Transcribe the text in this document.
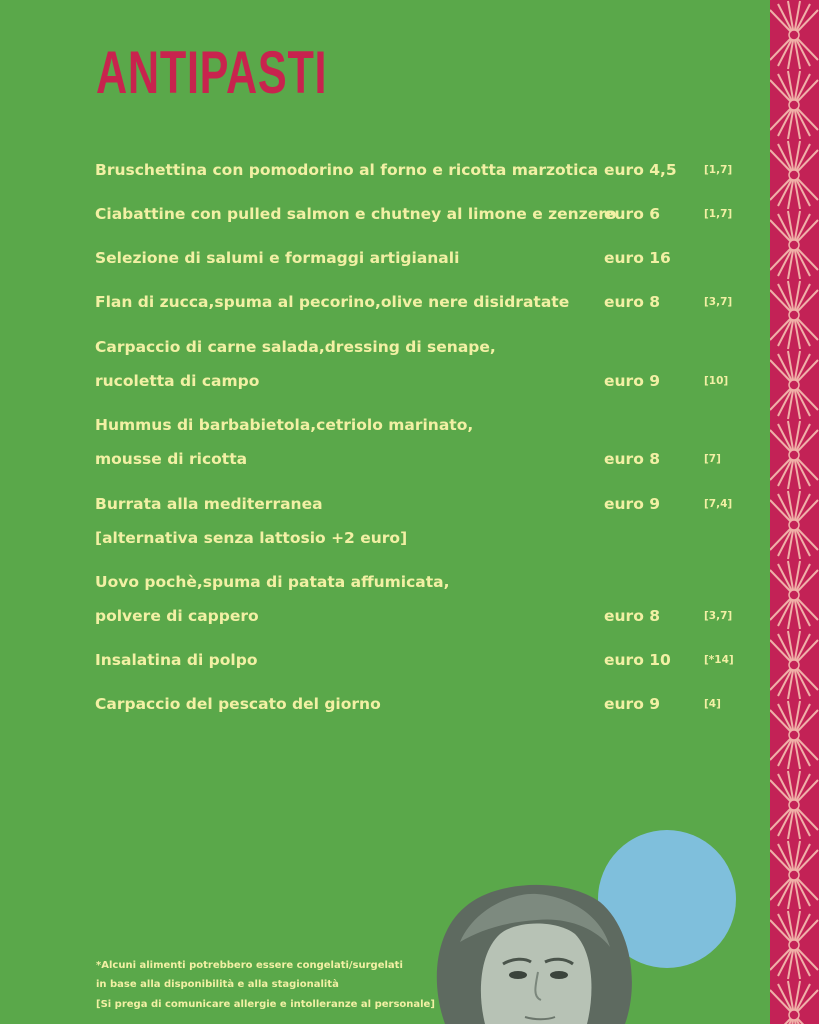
ANTIPASTI
Bruschettina con pomodorino al forno e ricotta marzotica euro 4,5	[1,7]
Ciabattine con pulled salmon e chutney al limone e zenzero
euro 6	[1,7]
Selezione di salumi e formaggi artigianali	euro 16
Flan di zucca,spuma al pecorino,olive nere disidratate euro 8	[3,7]
Carpaccio di carne salada,dressing di senape,
rucoletta di campo	euro 9	[10]
Hummus di barbabietola,cetriolo marinato,
mousse di ricotta	euro 8	[7]
Burrata alla mediterranea	euro 9	[7,4]
[alternativa senza lattosio +2 euro]
Uovo pochè,spuma di patata affumicata,
polvere di cappero	euro 8	[3,7]
Insalatina di polpo	euro 10	[*14]
Carpaccio del pescato del giorno	euro 9	[4]
*Alcuni alimenti potrebbero essere congelati/surgelati
in base alla disponibilità e alla stagionalità
[Si prega di comunicare allergie e intolleranze al personale]
